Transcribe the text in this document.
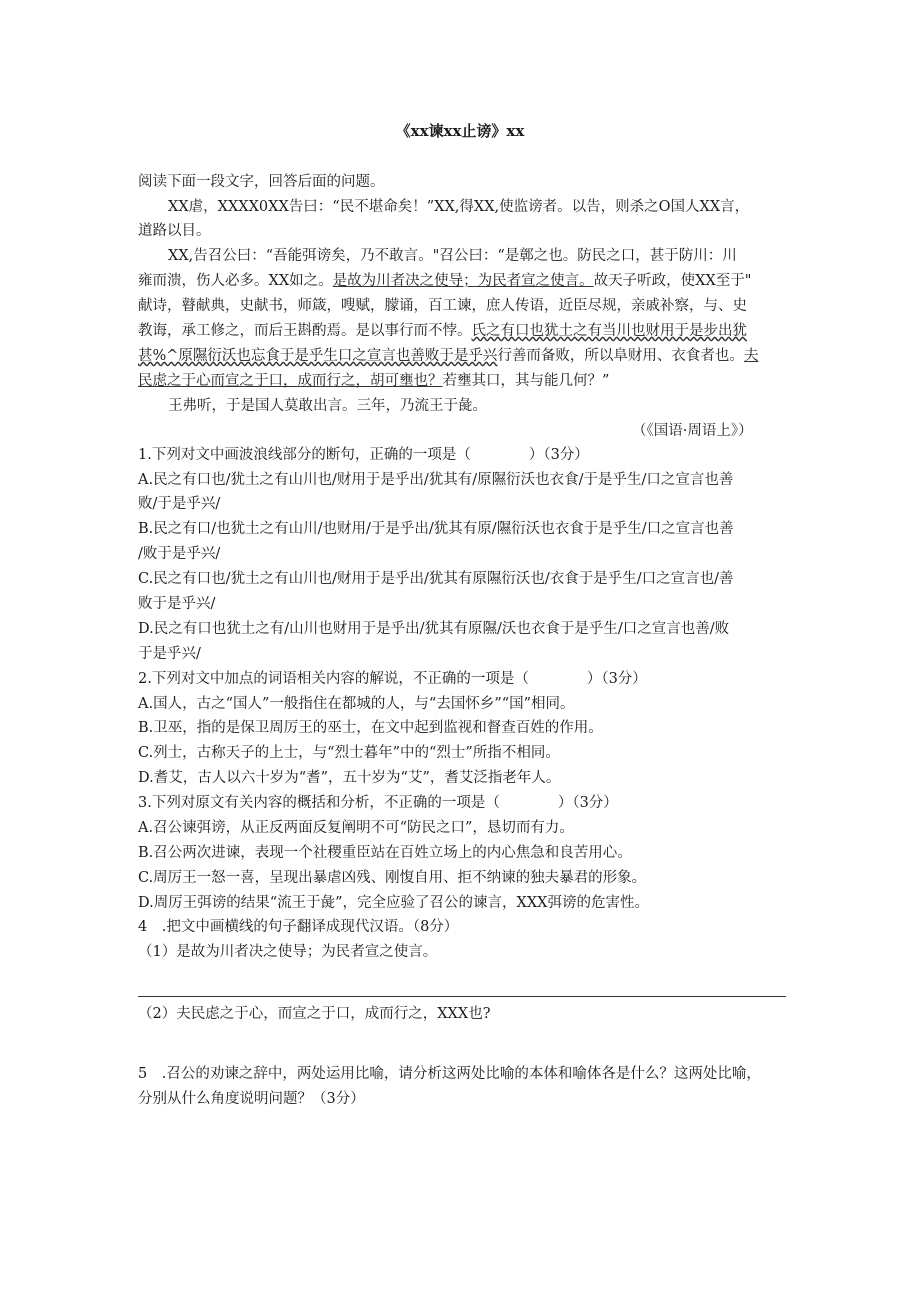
《xx谏xx止谤》xx
阅读下面一段文字，回答后面的问题。
XX虐，XXXX0XX告曰：“民不堪命矣！”XX,得XX,使监谤者。以告，则杀之O国人XX言，
道路以目。
XX,告召公曰：“吾能弭谤矣，乃不敢言。"召公曰：“是鄣之也。防民之口，甚于防川：川
雍而溃，伤人必多。XX如之。是故为川者决之使导；为民者宣之使言。故天子听政，使XX至于"
献诗，瞽献典，史献书，师箴，嗖赋，朦诵，百工谏，庶人传语，近臣尽规，亲戚补察，与、史
教诲，承工修之，而后王斟酌焉。是以事行而不悖。氏之有口也犹土之有当川也财用于是步出犹
甚%^原隰衍沃也忘食于是乎生口之宣言也善败于是乎兴行善而备败，所以阜财用、衣食者也。夫
民虑之于心而宣之于口，成而行之，胡可壅也？若壅其口，其与能几何？”
王弗听，于是国人莫敢出言。三年，乃流王于彘。
（《国语·周语上》）
1.下列对文中画波浪线部分的断句，正确的一项是（　　　　）（3分）
A.民之有口也/犹土之有山川也/财用于是乎出/犹其有/原隰衍沃也衣食/于是乎生/口之宣言也善
败/于是乎兴/
B.民之有口/也犹土之有山川/也财用/于是乎出/犹其有原/隰衍沃也衣食于是乎生/口之宣言也善
/败于是乎兴/
C.民之有口也/犹土之有山川也/财用于是乎出/犹其有原隰衍沃也/衣食于是乎生/口之宣言也/善
败于是乎兴/
D.民之有口也犹土之有/山川也财用于是乎出/犹其有原隰/沃也衣食于是乎生/口之宣言也善/败
于是乎兴/
2.下列对文中加点的词语相关内容的解说，不正确的一项是（　　　　）（3分）
A.国人，古之“国人”一般指住在都城的人，与“去国怀乡”“国”相同。
B.卫巫，指的是保卫周厉王的巫士，在文中起到监视和督查百姓的作用。
C.列士，古称天子的上士，与“烈士暮年”中的“烈士”所指不相同。
D.耆艾，古人以六十岁为“耆”，五十岁为“艾”，耆艾泛指老年人。
3.下列对原文有关内容的概括和分析，不正确的一项是（　　　　）（3分）
A.召公谏弭谤，从正反两面反复阐明不可“防民之口”，恳切而有力。
B.召公两次进谏，表现一个社稷重臣站在百姓立场上的内心焦急和良苦用心。
C.周厉王一怒一喜，呈现出暴虐凶残、刚愎自用、拒不纳谏的独夫暴君的形象。
D.周厉王弭谤的结果“流王于彘”，完全应验了召公的谏言，XXX弭谤的危害性。
4　.把文中画横线的句子翻译成现代汉语。（8分）
（1）是故为川者决之使导；为民者宣之使言。
（2）夫民虑之于心，而宣之于口，成而行之，XXX也?
5　.召公的劝谏之辞中，两处运用比喻，请分析这两处比喻的本体和喻体各是什么？这两处比喻，
分别从什么角度说明问题？（3分）
